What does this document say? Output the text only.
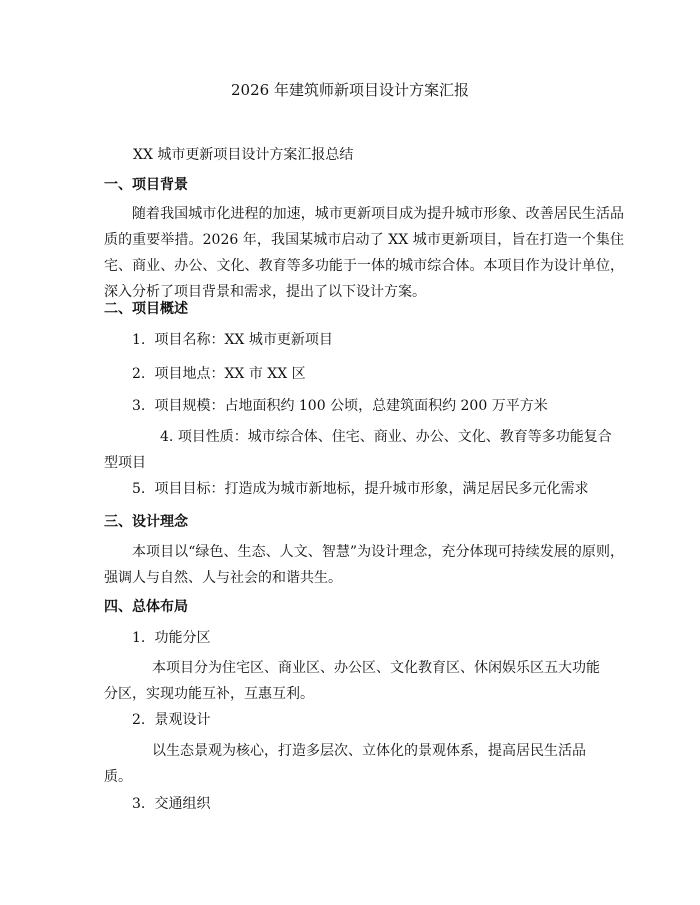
2026 年建筑师新项目设计方案汇报
XX 城市更新项目设计方案汇报总结
一、项目背景
随着我国城市化进程的加速，城市更新项目成为提升城市形象、改善居民生活品质的重要举措。2026 年，我国某城市启动了 XX 城市更新项目，旨在打造一个集住宅、商业、办公、文化、教育等多功能于一体的城市综合体。本项目作为设计单位，深入分析了项目背景和需求，提出了以下设计方案。
二、项目概述
1. 项目名称：XX 城市更新项目
2. 项目地点：XX 市 XX 区
3. 项目规模：占地面积约 100 公顷，总建筑面积约 200 万平方米
4. 项目性质：城市综合体、住宅、商业、办公、文化、教育等多功能复合型项目
5. 项目目标：打造成为城市新地标，提升城市形象，满足居民多元化需求
三、设计理念
本项目以“绿色、生态、人文、智慧”为设计理念，充分体现可持续发展的原则，强调人与自然、人与社会的和谐共生。
四、总体布局
1. 功能分区
本项目分为住宅区、商业区、办公区、文化教育区、休闲娱乐区五大功能分区，实现功能互补，互惠互利。
2. 景观设计
以生态景观为核心，打造多层次、立体化的景观体系，提高居民生活品质。
3. 交通组织
